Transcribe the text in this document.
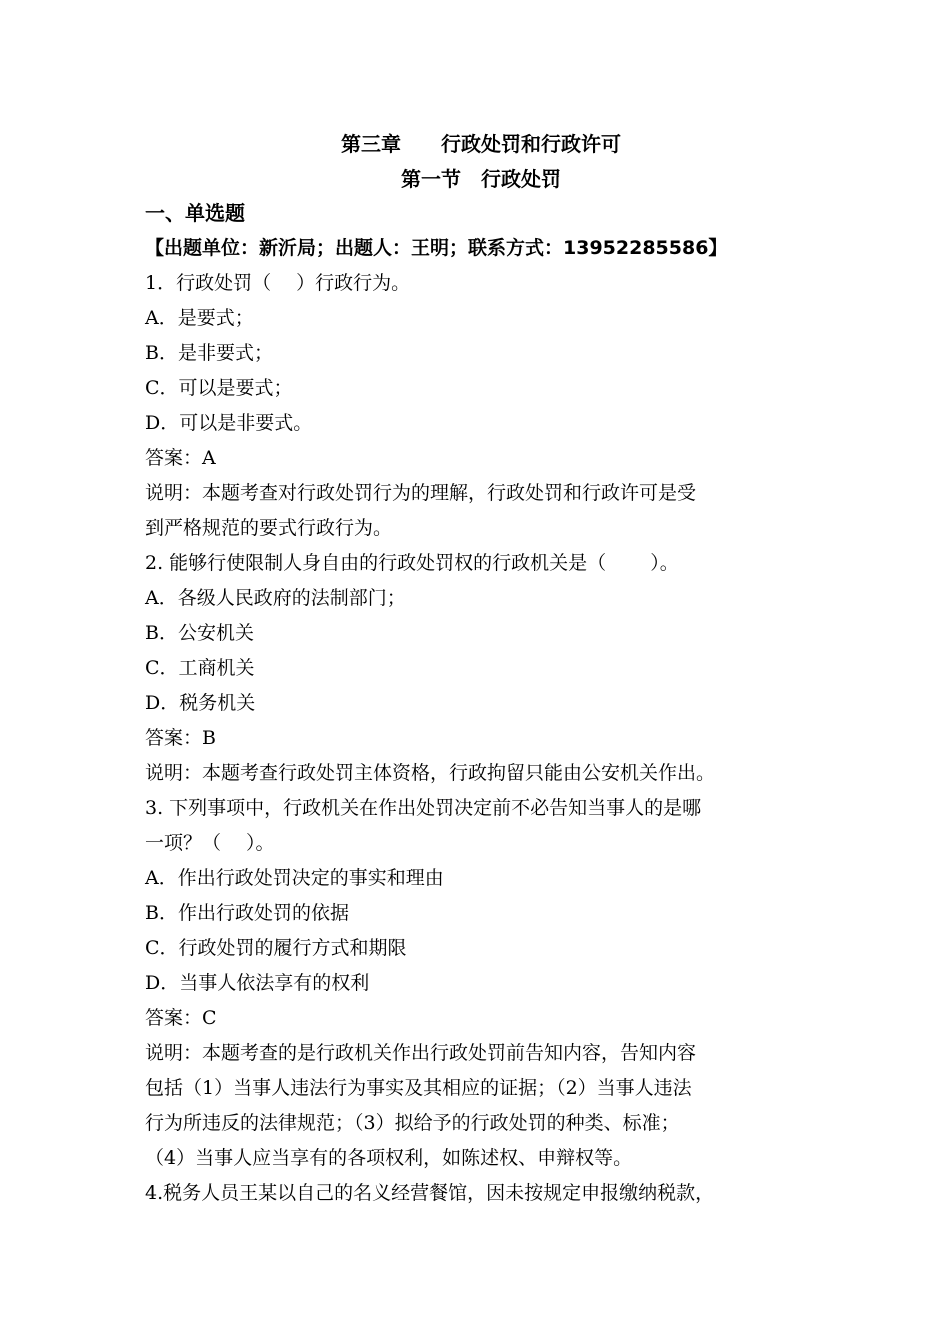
第三章　　行政处罚和行政许可
第一节　行政处罚
一、单选题
【出题单位：新沂局；出题人：王明；联系方式：13952285586】
1．行政处罚（　 ）行政行为。
A．是要式；
B．是非要式；
C．可以是要式；
D．可以是非要式。
答案：A
说明：本题考查对行政处罚行为的理解，行政处罚和行政许可是受
到严格规范的要式行政行为。
2. 能够行使限制人身自由的行政处罚权的行政机关是（　　 ）。
A．各级人民政府的法制部门；
B．公安机关
C．工商机关
D．税务机关
答案：B
说明：本题考查行政处罚主体资格，行政拘留只能由公安机关作出。
3. 下列事项中，行政机关在作出处罚决定前不必告知当事人的是哪
一项？（　 ）。
A．作出行政处罚决定的事实和理由
B．作出行政处罚的依据
C．行政处罚的履行方式和期限
D．当事人依法享有的权利
答案：C
说明：本题考查的是行政机关作出行政处罚前告知内容，告知内容
包括（1）当事人违法行为事实及其相应的证据；（2）当事人违法
行为所违反的法律规范；（3）拟给予的行政处罚的种类、标准；
（4）当事人应当享有的各项权利，如陈述权、申辩权等。
4.税务人员王某以自己的名义经营餐馆，因未按规定申报缴纳税款，
